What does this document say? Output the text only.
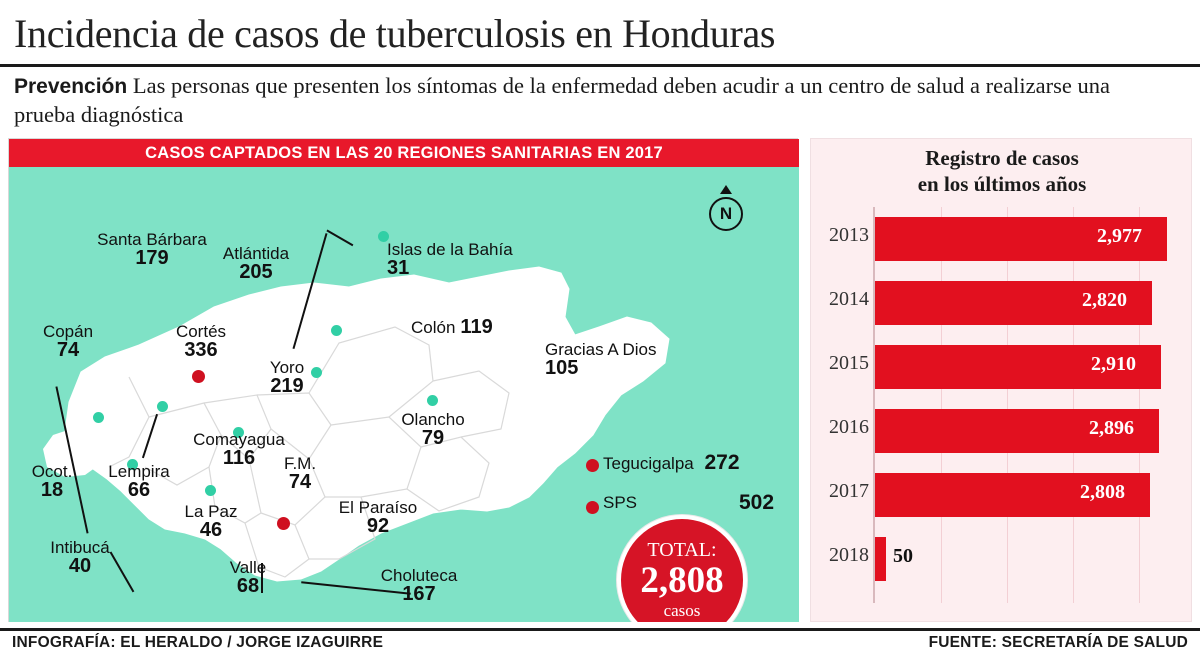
Incidencia de casos de tuberculosis en Honduras
Prevención Las personas que presenten los síntomas de la enfermedad deben acudir a un centro de salud a realizarse una prueba diagnóstica
CASOS CAPTADOS EN LAS 20 REGIONES SANITARIAS EN 2017
N
Santa Bárbara
179	Atlántida
205
Islas de la Bahía
31
Copán
74
Cortés
336
Yoro
219
Colón 119
Gracias A Dios
105
Olancho
79
Comayagua
116	F.M.
74
Ocot.
18
Lempira
66
La Paz
46
El Paraíso
92
Intibucá
40	Valle
68	Choluteca
167
Tegucigalpa 272
SPS	502
TOTAL:
2,808
casos
Registro de casos
en los últimos años
2013	2,977
2014	2,820
2015	2,910
2016	2,896
2017	2,808
2018 50
INFOGRAFÍA: EL HERALDO / JORGE IZAGUIRRE	FUENTE: SECRETARÍA DE SALUD
